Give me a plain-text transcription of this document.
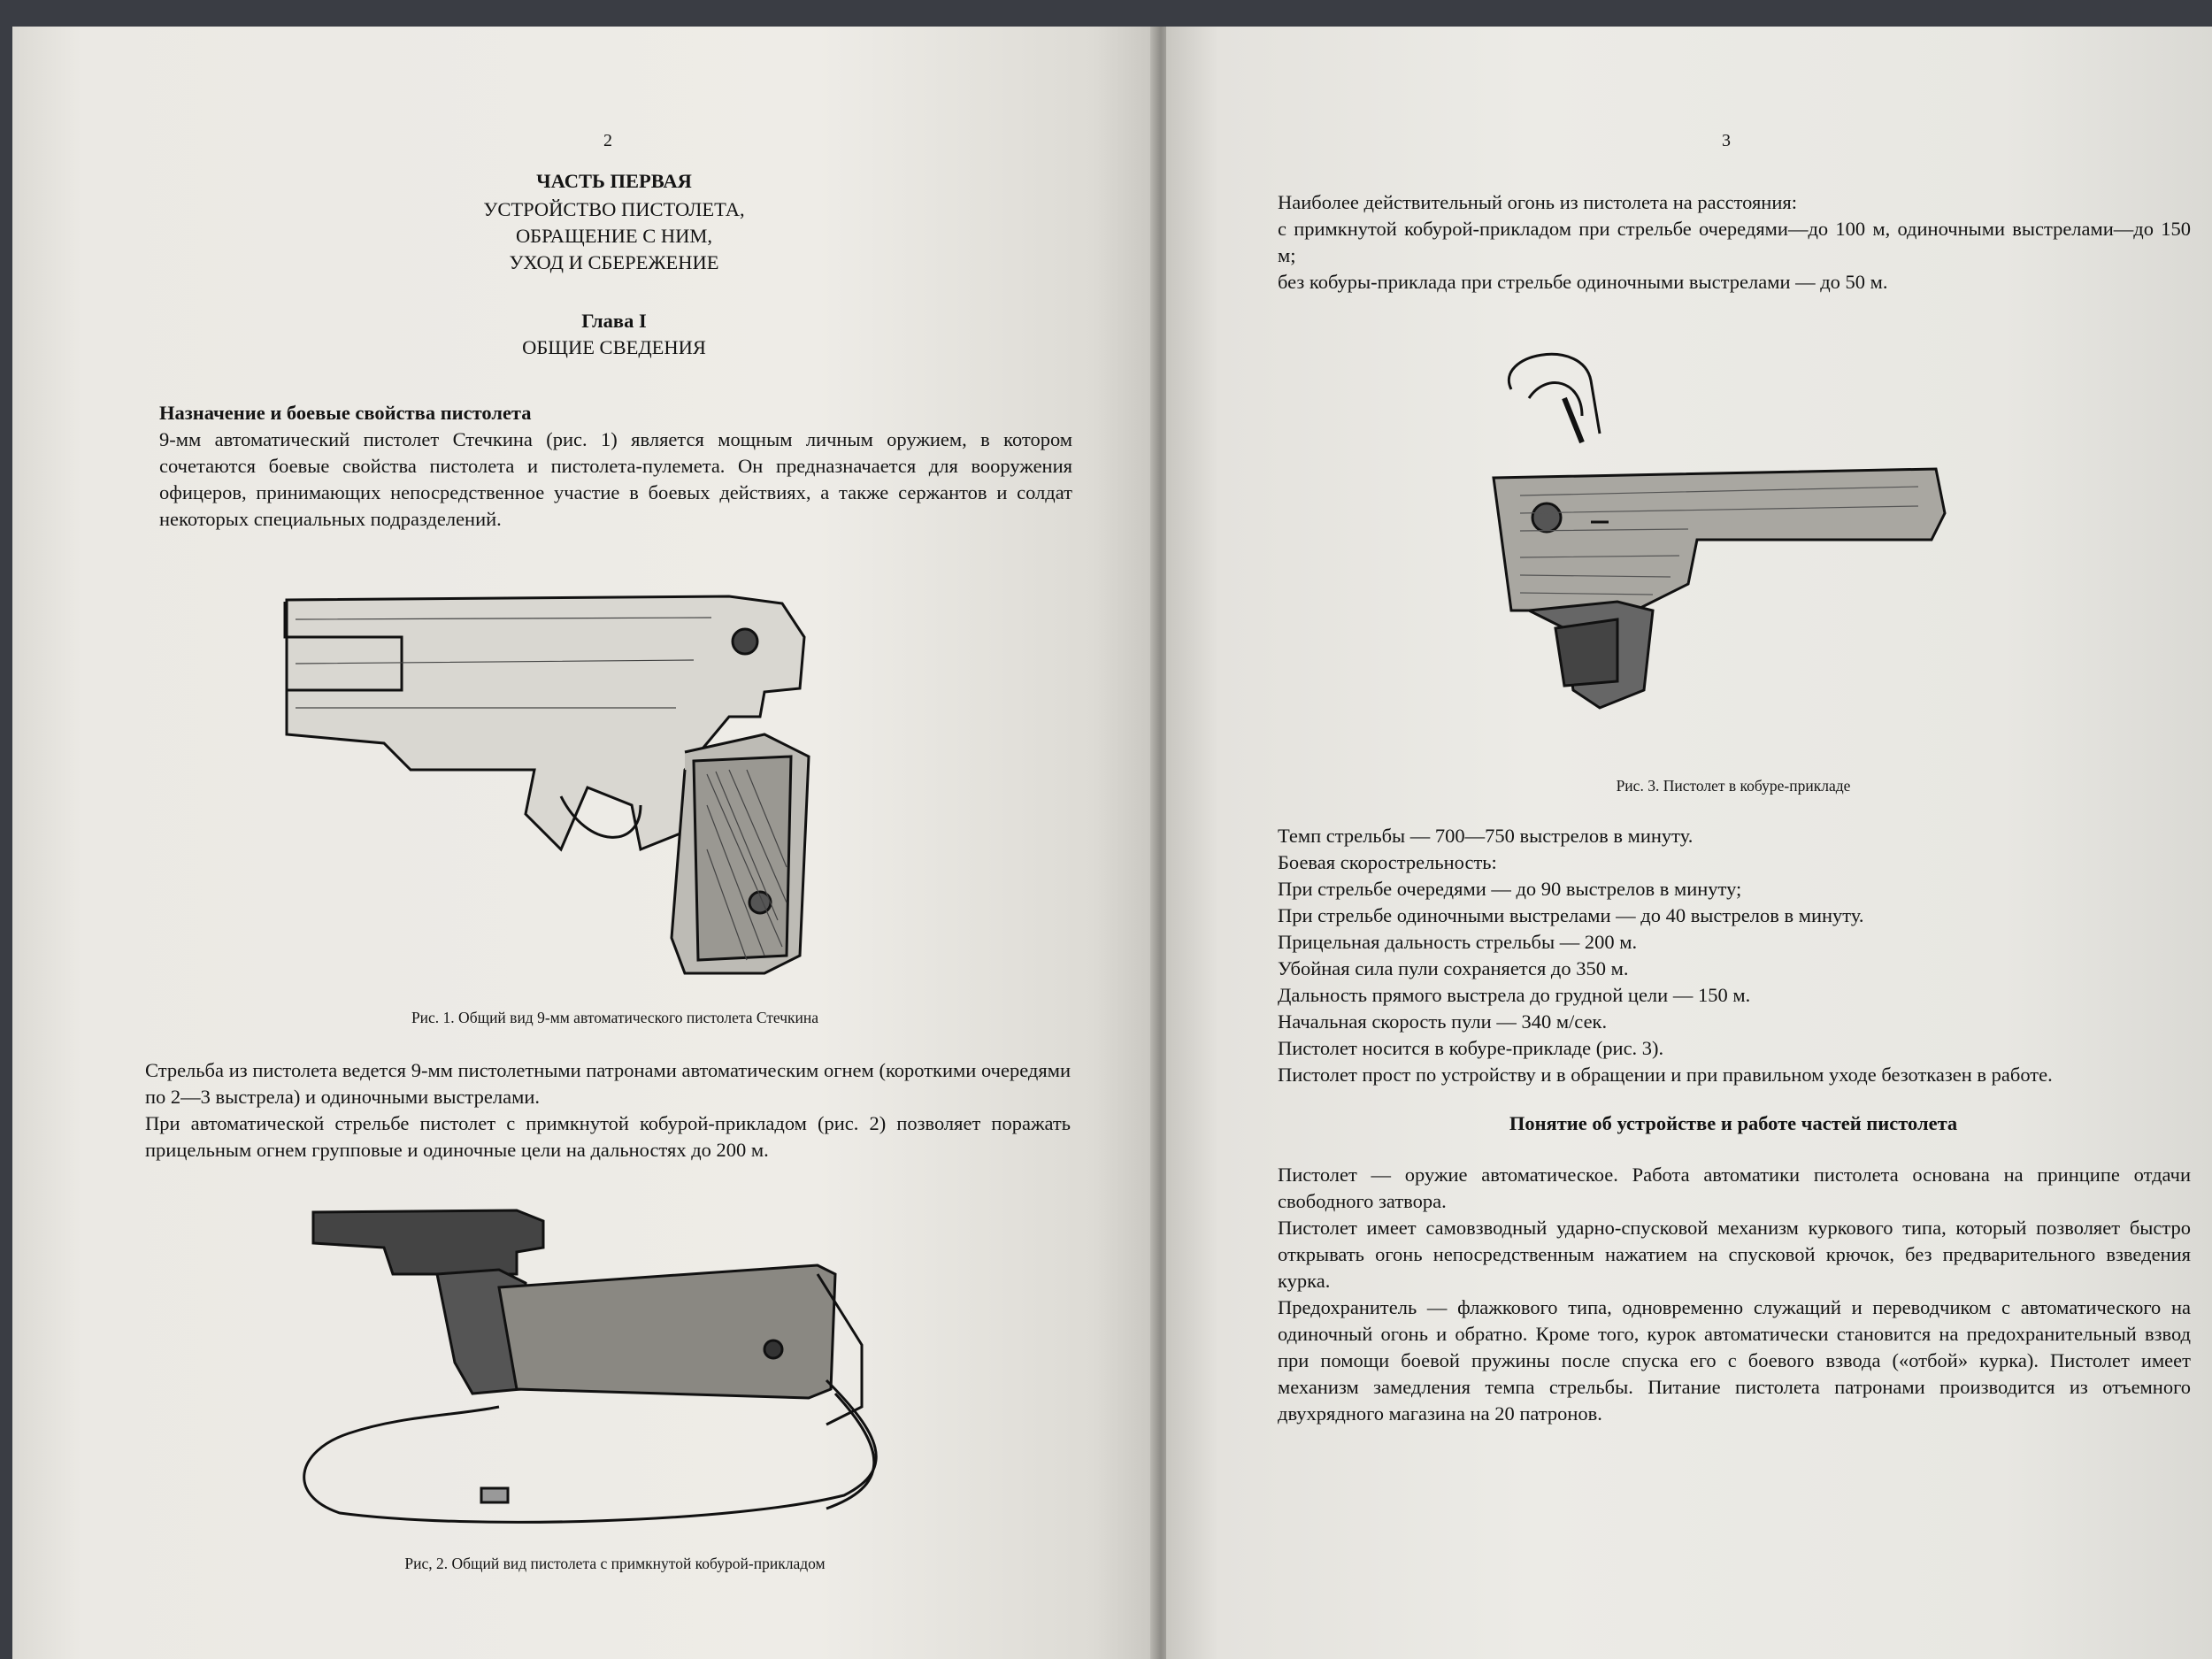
2
ЧАСТЬ ПЕРВАЯ
УСТРОЙСТВО ПИСТОЛЕТА,
ОБРАЩЕНИЕ С НИМ,
УХОД И СБЕРЕЖЕНИЕ
Глава I
ОБЩИЕ СВЕДЕНИЯ
Назначение и боевые свойства пистолета
9-мм автоматический пистолет Стечкина (рис. 1) является мощным личным оружием, в котором сочетаются боевые свойства пистолета и пистолета-пулемета. Он предназначается для вооружения офицеров, принимающих непосредственное участие в боевых действиях, а также сержантов и солдат некоторых специальных подразделений.
Рис. 1. Общий вид 9-мм автоматического пистолета Стечкина
Стрельба из пистолета ведется 9-мм пистолетными патронами автоматическим огнем (короткими очередями по 2—3 выстрела) и одиночными выстрелами.
При автоматической стрельбе пистолет с примкнутой кобурой-прикладом (рис. 2) позволяет поражать прицельным огнем групповые и одиночные цели на дальностях до 200 м.
Рис, 2. Общий вид пистолета с примкнутой кобурой-прикладом
3
Наиболее действительный огонь из пистолета на расстояния:
с примкнутой кобурой-прикладом при стрельбе очередями—до 100 м, одиночными выстрелами—до 150 м;
без кобуры-приклада при стрельбе одиночными выстрелами — до 50 м.
Рис. 3. Пистолет в кобуре-прикладе
Темп стрельбы — 700—750 выстрелов в минуту.
Боевая скорострельность:
При стрельбе очередями — до 90 выстрелов в минуту;
При стрельбе одиночными выстрелами — до 40 выстрелов в минуту.
Прицельная дальность стрельбы — 200 м.
Убойная сила пули сохраняется до 350 м.
Дальность прямого выстрела до грудной цели — 150 м.
Начальная скорость пули — 340 м/сек.
Пистолет носится в кобуре-прикладе (рис. 3).
Пистолет прост по устройству и в обращении и при правильном уходе безотказен в работе.
Понятие об устройстве и работе частей пистолета
Пистолет — оружие автоматическое. Работа автоматики пистолета основана на принципе отдачи свободного затвора.
Пистолет имеет самовзводный ударно-спусковой механизм куркового типа, который позволяет быстро открывать огонь непосредственным нажатием на спусковой крючок, без предварительного взведения курка.
Предохранитель — флажкового типа, одновременно служащий и переводчиком с автоматического на одиночный огонь и обратно. Кроме того, курок автоматически становится на предохранительный взвод при помощи боевой пружины после спуска его с боевого взвода («отбой» курка). Пистолет имеет механизм замедления темпа стрельбы. Питание пистолета патронами производится из отъемного двухрядного магазина на 20 патронов.
